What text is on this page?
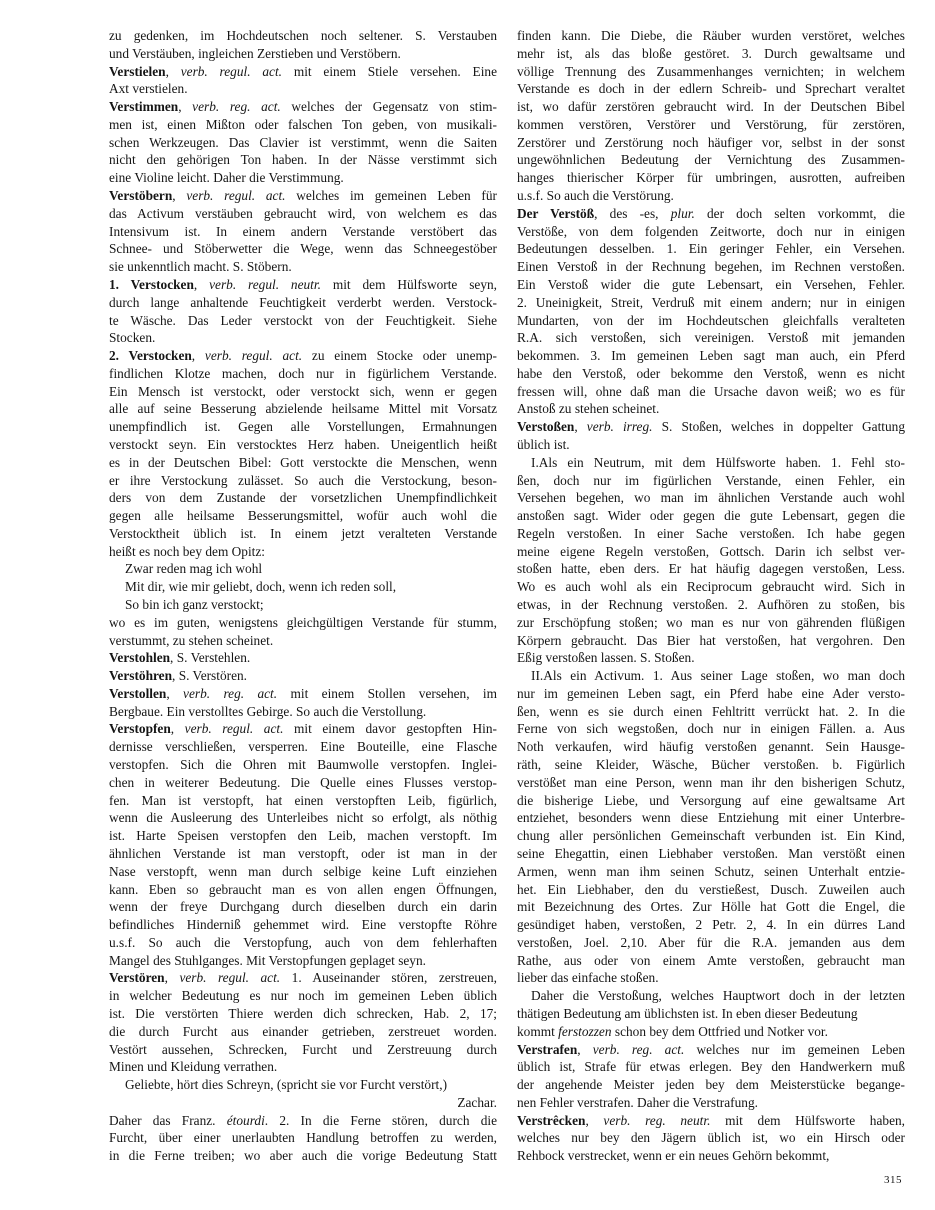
zu gedenken, im Hochdeutschen noch seltener. S. Verstauben
und Verstäuben, ingleichen Zerstieben und Verstöbern.
Verstielen, verb. regul. act. mit einem Stiele versehen. Eine
Axt verstielen.
Verstimmen, verb. reg. act. welches der Gegensatz von stim-
men ist, einen Mißton oder falschen Ton geben, von musikali-
schen Werkzeugen. Das Clavier ist verstimmt, wenn die Saiten
nicht den gehörigen Ton haben. In der Nässe verstimmt sich
eine Violine leicht. Daher die Verstimmung.
Verstöbern, verb. regul. act. welches im gemeinen Leben für
das Activum verstäuben gebraucht wird, von welchem es das
Intensivum ist. In einem andern Verstande verstöbert das
Schnee- und Stöberwetter die Wege, wenn das Schneegestöber
sie unkenntlich macht. S. Stöbern.
1. Verstocken, verb. regul. neutr. mit dem Hülfsworte seyn,
durch lange anhaltende Feuchtigkeit verderbt werden. Verstock-
te Wäsche. Das Leder verstockt von der Feuchtigkeit. Siehe
Stocken.
2. Verstocken, verb. regul. act. zu einem Stocke oder unemp-
findlichen Klotze machen, doch nur in figürlichem Verstande.
Ein Mensch ist verstockt, oder verstockt sich, wenn er gegen
alle auf seine Besserung abzielende heilsame Mittel mit Vorsatz
unempfindlich ist. Gegen alle Vorstellungen, Ermahnungen
verstockt seyn. Ein verstocktes Herz haben. Uneigentlich heißt
es in der Deutschen Bibel: Gott verstockte die Menschen, wenn
er ihre Verstockung zulässet. So auch die Verstockung, beson-
ders von dem Zustande der vorsetzlichen Unempfindlichkeit
gegen alle heilsame Besserungsmittel, wofür auch wohl die
Verstocktheit üblich ist. In einem jetzt veralteten Verstande
heißt es noch bey dem Opitz:
Zwar reden mag ich wohl
Mit dir, wie mir geliebt, doch, wenn ich reden soll,
So bin ich ganz verstockt;
wo es im guten, wenigstens gleichgültigen Verstande für stumm,
verstummt, zu stehen scheinet.
Verstohlen, S. Verstehlen.
Verstöhren, S. Verstören.
Verstollen, verb. reg. act. mit einem Stollen versehen, im
Bergbaue. Ein verstolltes Gebirge. So auch die Verstollung.
Verstopfen, verb. regul. act. mit einem davor gestopften Hin-
dernisse verschließen, versperren. Eine Bouteille, eine Flasche
verstopfen. Sich die Ohren mit Baumwolle verstopfen. Inglei-
chen in weiterer Bedeutung. Die Quelle eines Flusses verstop-
fen. Man ist verstopft, hat einen verstopften Leib, figürlich,
wenn die Ausleerung des Unterleibes nicht so erfolgt, als nöthig
ist. Harte Speisen verstopfen den Leib, machen verstopft. Im
ähnlichen Verstande ist man verstopft, oder ist man in der
Nase verstopft, wenn man durch selbige keine Luft einziehen
kann. Eben so gebraucht man es von allen engen Öffnungen,
wenn der freye Durchgang durch dieselben durch ein darin
befindliches Hinderniß gehemmet wird. Eine verstopfte Röhre
u.s.f. So auch die Verstopfung, auch von dem fehlerhaften
Mangel des Stuhlganges. Mit Verstopfungen geplaget seyn.
Verstören, verb. regul. act. 1. Auseinander stören, zerstreuen,
in welcher Bedeutung es nur noch im gemeinen Leben üblich
ist. Die verstörten Thiere werden dich schrecken, Hab. 2, 17;
die durch Furcht aus einander getrieben, zerstreuet worden.
Vestört aussehen, Schrecken, Furcht und Zerstreuung durch
Minen und Kleidung verrathen.
Geliebte, hört dies Schreyn, (spricht sie vor Furcht verstört,)
Zachar.
Daher das Franz. étourdi. 2. In die Ferne stören, durch die
Furcht, über einer unerlaubten Handlung betroffen zu werden,
in die Ferne treiben; wo aber auch die vorige Bedeutung Statt
finden kann. Die Diebe, die Räuber wurden verstöret, welches
mehr ist, als das bloße gestöret. 3. Durch gewaltsame und
völlige Trennung des Zusammenhanges vernichten; in welchem
Verstande es doch in der edlern Schreib- und Sprechart veraltet
ist, wo dafür zerstören gebraucht wird. In der Deutschen Bibel
kommen verstören, Verstörer und Verstörung, für zerstören,
Zerstörer und Zerstörung noch häufiger vor, selbst in der sonst
ungewöhnlichen Bedeutung der Vernichtung des Zusammen-
hanges thierischer Körper für umbringen, ausrotten, aufreiben
u.s.f. So auch die Verstörung.
Der Verstöß, des -es, plur. der doch selten vorkommt, die
Verstöße, von dem folgenden Zeitworte, doch nur in einigen
Bedeutungen desselben. 1. Ein geringer Fehler, ein Versehen.
Einen Verstoß in der Rechnung begehen, im Rechnen verstoßen.
Ein Verstoß wider die gute Lebensart, ein Versehen, Fehler.
2. Uneinigkeit, Streit, Verdruß mit einem andern; nur in einigen
Mundarten, von der im Hochdeutschen gleichfalls veralteten
R.A. sich verstoßen, sich vereinigen. Verstoß mit jemanden
bekommen. 3. Im gemeinen Leben sagt man auch, ein Pferd
habe den Verstoß, oder bekomme den Verstoß, wenn es nicht
fressen will, ohne daß man die Ursache davon weiß; wo es für
Anstoß zu stehen scheinet.
Verstoßen, verb. irreg. S. Stoßen, welches in doppelter Gattung
üblich ist.
I.Als ein Neutrum, mit dem Hülfsworte haben. 1. Fehl sto-
ßen, doch nur im figürlichen Verstande, einen Fehler, ein
Versehen begehen, wo man im ähnlichen Verstande auch wohl
anstoßen sagt. Wider oder gegen die gute Lebensart, gegen die
Regeln verstoßen. In einer Sache verstoßen. Ich habe gegen
meine eigene Regeln verstoßen, Gottsch. Darin ich selbst ver-
stoßen hatte, eben ders. Er hat häufig dagegen verstoßen, Less.
Wo es auch wohl als ein Reciprocum gebraucht wird. Sich in
etwas, in der Rechnung verstoßen. 2. Aufhören zu stoßen, bis
zur Erschöpfung stoßen; wo man es nur von gährenden flüßigen
Körpern gebraucht. Das Bier hat verstoßen, hat vergohren. Den
Eßig verstoßen lassen. S. Stoßen.
II.Als ein Activum. 1. Aus seiner Lage stoßen, wo man doch
nur im gemeinen Leben sagt, ein Pferd habe eine Ader versto-
ßen, wenn es sie durch einen Fehltritt verrückt hat. 2. In die
Ferne von sich wegstoßen, doch nur in einigen Fällen. a. Aus
Noth verkaufen, wird häufig verstoßen genannt. Sein Hausge-
räth, seine Kleider, Wäsche, Bücher verstoßen. b. Figürlich
verstößet man eine Person, wenn man ihr den bisherigen Schutz,
die bisherige Liebe, und Versorgung auf eine gewaltsame Art
entziehet, besonders wenn diese Entziehung mit einer Unterbre-
chung aller persönlichen Gemeinschaft verbunden ist. Ein Kind,
seine Ehegattin, einen Liebhaber verstoßen. Man verstößt einen
Armen, wenn man ihm seinen Schutz, seinen Unterhalt entzie-
het. Ein Liebhaber, den du verstießest, Dusch. Zuweilen auch
mit Bezeichnung des Ortes. Zur Hölle hat Gott die Engel, die
gesündiget haben, verstoßen, 2 Petr. 2, 4. In ein dürres Land
verstoßen, Joel. 2,10. Aber für die R.A. jemanden aus dem
Rathe, aus oder von einem Amte verstoßen, gebraucht man
lieber das einfache stoßen.
Daher die Verstoßung, welches Hauptwort doch in der letzten
thätigen Bedeutung am üblichsten ist. In eben dieser Bedeutung
kommt ferstozzen schon bey dem Ottfried und Notker vor.
Verstrafen, verb. reg. act. welches nur im gemeinen Leben
üblich ist, Strafe für etwas erlegen. Bey den Handwerkern muß
der angehende Meister jeden bey dem Meisterstücke begange-
nen Fehler verstrafen. Daher die Verstrafung.
Verstrêcken, verb. reg. neutr. mit dem Hülfsworte haben,
welches nur bey den Jägern üblich ist, wo ein Hirsch oder
Rehbock verstrecket, wenn er ein neues Gehörn bekommt,
315
